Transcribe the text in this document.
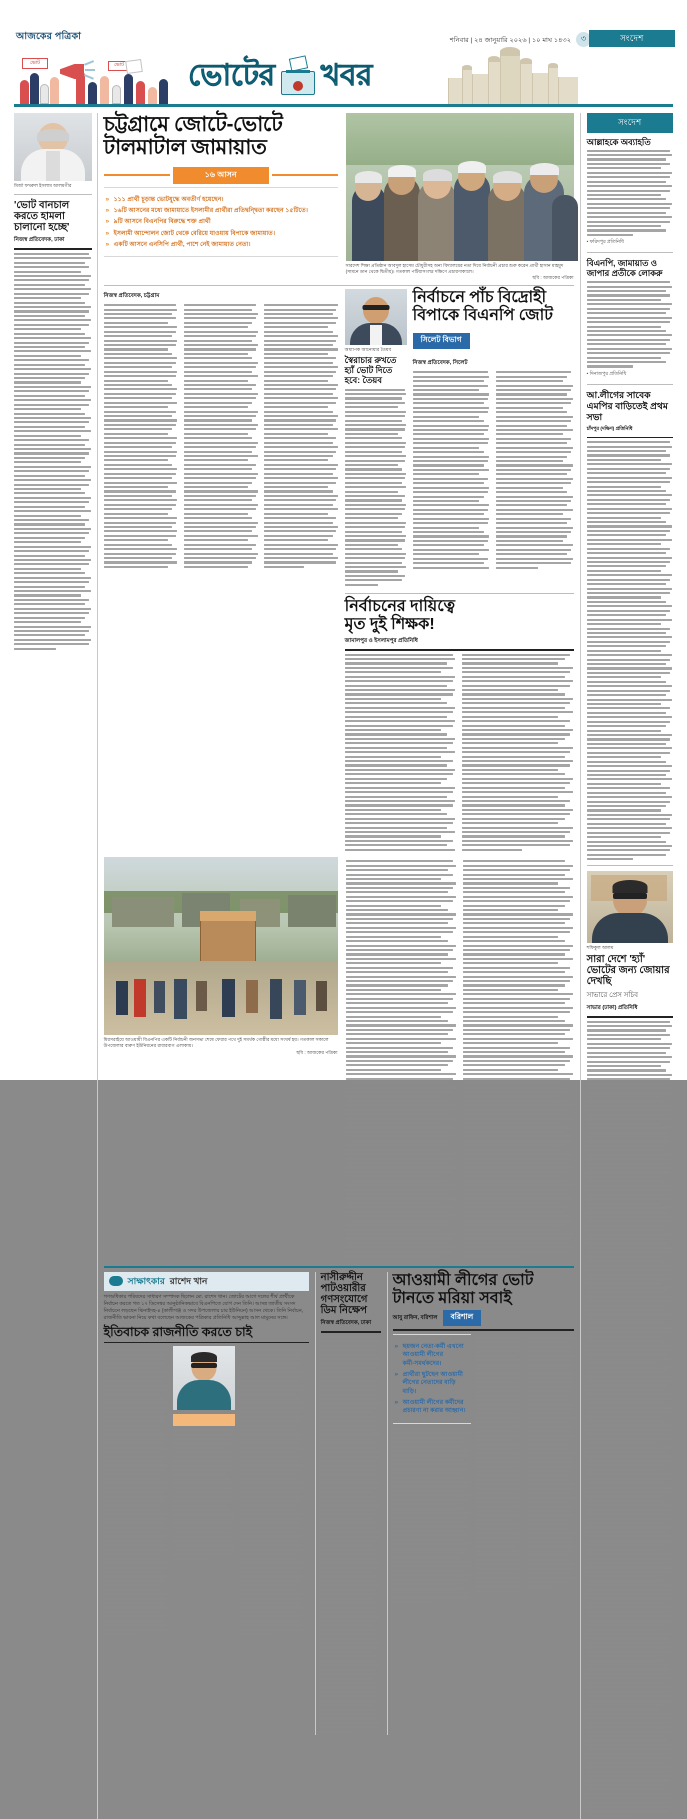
আজকের পত্রিকা	শনিবার | ২৪ জানুয়ারি ২০২৬ | ১০ মাঘ ১৪৩২	৩	সংদেশ
ভোট	ভোট ভোটের খবর
মির্জা ফখরুল ইসলাম আলমগীর
'ভোট বানচাল করতে হামলা চালানো হচ্ছে'
নিজস্ব প্রতিবেদক, ঢাকা
চট্টগ্রামে জোটে-ভোটে
টালমাটাল জামায়াত
১৬ আসন
» ১১১ প্রার্থী চূড়ান্ত ভোটযুদ্ধে অবতীর্ণ হয়েছেন।
» ১৬টি আসনের মধ্যে জামায়াতে ইসলামীর প্রার্থীরা প্রতিদ্বন্দ্বিতা করছেন ১৫টিতে।
» ৯টি আসনে বিএনপির বিরুদ্ধে শক্ত প্রার্থী
» ইসলামী আন্দোলন জোট থেকে বেরিয়ে যাওয়ায় বিপাকে জামায়াত।
» একটি আসনে এনসিপি প্রার্থী, পাশে নেই জামায়াত নেতা।
সারদেশ শিক্ষা প্রতিষ্ঠান আবদুল হাসেম চৌধুরীসহ অন্য বিদ্যালয়ের নতা দিয়ে নির্বাচনী প্রচার শুরু করেন প্রার্থী হাসান মাহমুদ (সামনে ডান থেকে দ্বিতীয়)। গতকাল পটিয়াসংলগ্ন দক্ষিণে প্রচারণাকালে।
ছবি : আজকের পত্রিকা
নিজস্ব প্রতিবেদক, চট্টগ্রাম
অধ্যাপক আনোয়ার তৈয়ব
নির্বাচনে পাঁচ বিদ্রোহী
বিপাকে বিএনপি জোট
সিলেট বিভাগ
স্বৈরাচার রুখতে হ্যাঁ ভোট দিতে হবে: তৈয়ব
নিজস্ব প্রতিবেদক, সিলেট
নির্বাচনের দায়িত্বে
মৃত দুই শিক্ষক!
জামালপুর ও ইসলামপুর প্রতিনিধি
মিরসরাইয়ে আওয়ামী বিএনপির একটি নির্বাচনী জনসভা শেষে ফেরার পথে দুই সমর্থক গোষ্ঠীর মধ্যে সংঘর্ষ হয়। গতকাল সকালে উপজেলার বারুণ ইউনিয়নের রাবারবাগ এলাকায়।
ছবি : আজকের পত্রিকা
সাক্ষাৎকার রাশেদ খান
গণঅধিকার পরিষদের সাধারণ সম্পাদক ছিলেন মো. রাশেদ খান। জোটের আগে দলের শীর্ষ প্রার্থীকে নির্বাচন করতে গত ১৭ ডিসেম্বর আনুষ্ঠানিকভাবে বিএনপিতে যোগ দেন তিনি। আসন্ন জাতীয় সংসদ নির্বাচনে লড়ছেন ঝিনাইদহ-৪ (কালীগঞ্জ ও সদর উপজেলার চার ইউনিয়ন) আসন থেকে। তিনি নির্বাচন, রাজনীতি ভাবনা নিয়ে কথা বলেছেন আজকের পত্রিকার প্রতিনিধি আব্দুল্লাহ আল মামুনের সঙ্গে।
ইতিবাচক রাজনীতি করতে চাই
নাসীরুদ্দীন পাটওয়ারীর গণসংযোগে ডিম নিক্ষেপ
নিজস্ব প্রতিবেদক, ঢাকা
আওয়ামী লীগের ভোট
টানতে মরিয়া সবাই
আবু রাফিন, বরিশাল	বরিশাল
» ছয়জন নেতা‑কর্মী এখনো আওয়ামী লীগের কর্মী‑সমর্থকদের।
» প্রার্থীরা ছুটছেন আওয়ামী লীগের নেতাদের বাড়ি বাড়ি।
» আওয়ামী লীগের কর্মীদের প্রচারণা না করার আহ্বান।
সংদেশ
আল্লাহকে অব্যাহতি
• ফরিদপুর প্রতিনিধি
বিএনপি, জামায়াত ও জাপার প্রতীকে লোকরু
• দিনাজপুর প্রতিনিধি
আ.লীগের সাবেক এমপির বাড়িতেই প্রথম সভা
চাঁদপুর (দক্ষিণ) প্রতিনিধি
শফিকুল আলম
সারা দেশে 'হ্যাঁ' ভোটের জন্য জোয়ার দেখছি
সাভারে প্রেস সচিব
সাভার (ঢাকা) প্রতিনিধি
